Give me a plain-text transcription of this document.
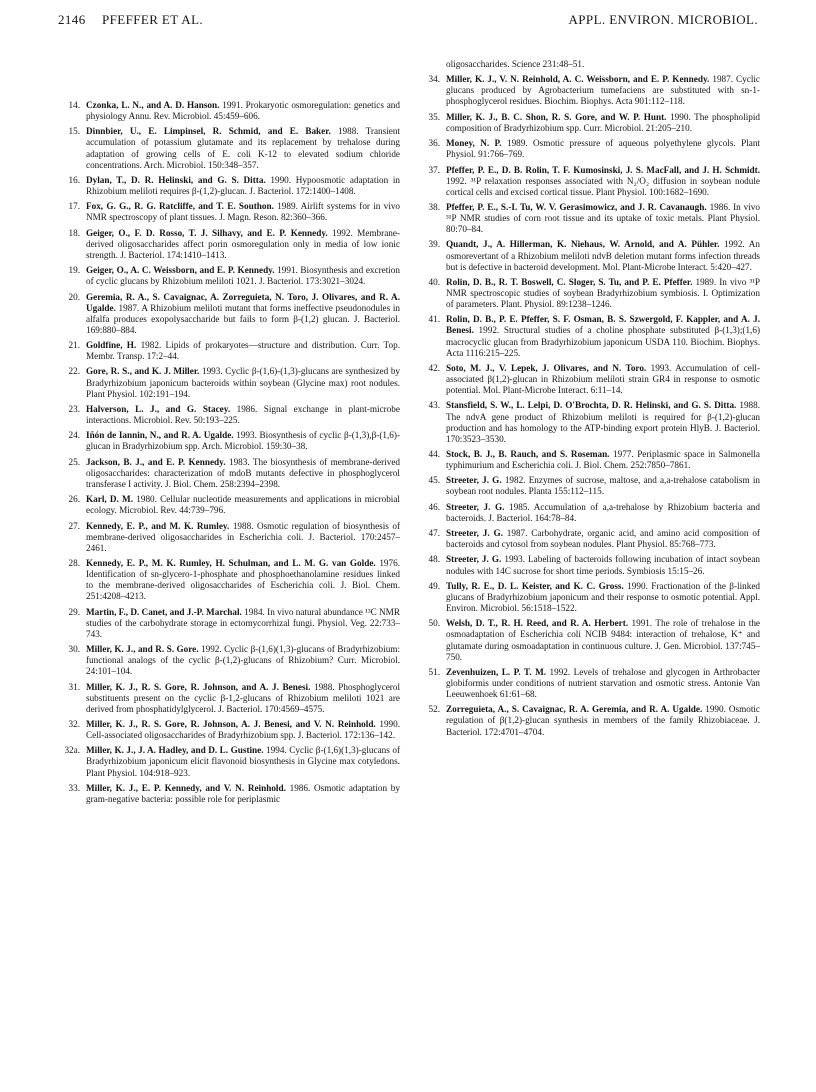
2146 PFEFFER ET AL.	APPL. ENVIRON. MICROBIOL.
14. Czonka, L. N., and A. D. Hanson. 1991. Prokaryotic osmoregulation: genetics and physiology Annu. Rev. Microbiol. 45:459–606.
15. Dinnbier, U., E. Limpinsel, R. Schmid, and E. Baker. 1988. Transient accumulation of potassium glutamate and its replacement by trehalose during adaptation of growing cells of E. coli K-12 to elevated sodium chloride concentrations. Arch. Microbiol. 150:348–357.
16. Dylan, T., D. R. Helinski, and G. S. Ditta. 1990. Hypoosmotic adaptation in Rhizobium meliloti requires β-(1,2)-glucan. J. Bacteriol. 172:1400–1408.
17. Fox, G. G., R. G. Ratcliffe, and T. E. Southon. 1989. Airlift systems for in vivo NMR spectroscopy of plant tissues. J. Magn. Reson. 82:360–366.
18. Geiger, O., F. D. Rosso, T. J. Silhavy, and E. P. Kennedy. 1992. Membrane-derived oligosaccharides affect porin osmoregulation only in media of low ionic strength. J. Bacteriol. 174:1410–1413.
19. Geiger, O., A. C. Weissborn, and E. P. Kennedy. 1991. Biosynthesis and excretion of cyclic glucans by Rhizobium meliloti 1021. J. Bacteriol. 173:3021–3024.
20. Geremia, R. A., S. Cavaignac, A. Zorreguieta, N. Toro, J. Olivares, and R. A. Ugalde. 1987. A Rhizobium meliloti mutant that forms ineffective pseudonodules in alfalfa produces exopolysaccharide but fails to form β-(1,2) glucan. J. Bacteriol. 169:880–884.
21. Goldfine, H. 1982. Lipids of prokaryotes—structure and distribution. Curr. Top. Membr. Transp. 17:2–44.
22. Gore, R. S., and K. J. Miller. 1993. Cyclic β-(1,6)-(1,3)-glucans are synthesized by Bradyrhizobium japonicum bacteroids within soybean (Glycine max) root nodules. Plant Physiol. 102:191–194.
23. Halverson, L. J., and G. Stacey. 1986. Signal exchange in plant-microbe interactions. Microbiol. Rev. 50:193–225.
24. Iñón de Iannin, N., and R. A. Ugalde. 1993. Biosynthesis of cyclic β-(1,3),β-(1,6)-glucan in Bradyrhizobium spp. Arch. Microbiol. 159:30–38.
25. Jackson, B. J., and E. P. Kennedy. 1983. The biosynthesis of membrane-derived oligosaccharides: characterization of mdoB mutants defective in phosphoglycerol transferase I activity. J. Biol. Chem. 258:2394–2398.
26. Karl, D. M. 1980. Cellular nucleotide measurements and applications in microbial ecology. Microbiol. Rev. 44:739–796.
27. Kennedy, E. P., and M. K. Rumley. 1988. Osmotic regulation of biosynthesis of membrane-derived oligosaccharides in Escherichia coli. J. Bacteriol. 170:2457–2461.
28. Kennedy, E. P., M. K. Rumley, H. Schulman, and L. M. G. van Golde. 1976. Identification of sn-glycero-1-phosphate and phosphoethanolamine residues linked to the membrane-derived oligosaccharides of Escherichia coli. J. Biol. Chem. 251:4208–4213.
29. Martin, F., D. Canet, and J.-P. Marchal. 1984. In vivo natural abundance ¹³C NMR studies of the carbohydrate storage in ectomycorrhizal fungi. Physiol. Veg. 22:733–743.
30. Miller, K. J., and R. S. Gore. 1992. Cyclic β-(1,6)(1,3)-glucans of Bradyrhizobium: functional analogs of the cyclic β-(1,2)-glucans of Rhizobium? Curr. Microbiol. 24:101–104.
31. Miller, K. J., R. S. Gore, R. Johnson, and A. J. Benesi. 1988. Phosphoglycerol substituents present on the cyclic β-1,2-glucans of Rhizobium meliloti 1021 are derived from phosphatidylglycerol. J. Bacteriol. 170:4569–4575.
32. Miller, K. J., R. S. Gore, R. Johnson, A. J. Benesi, and V. N. Reinhold. 1990. Cell-associated oligosaccharides of Bradyrhizobium spp. J. Bacteriol. 172:136–142.
32a. Miller, K. J., J. A. Hadley, and D. L. Gustine. 1994. Cyclic β-(1,6)(1,3)-glucans of Bradyrhizobium japonicum elicit flavonoid biosynthesis in Glycine max cotyledons. Plant Physiol. 104:918–923.
33. Miller, K. J., E. P. Kennedy, and V. N. Reinhold. 1986. Osmotic adaptation by gram-negative bacteria: possible role for periplasmic
oligosaccharides. Science 231:48–51.
34. Miller, K. J., V. N. Reinhold, A. C. Weissborn, and E. P. Kennedy. 1987. Cyclic glucans produced by Agrobacterium tumefaciens are substituted with sn-1-phosphoglycerol residues. Biochim. Biophys. Acta 901:112–118.
35. Miller, K. J., B. C. Shon, R. S. Gore, and W. P. Hunt. 1990. The phospholipid composition of Bradyrhizobium spp. Curr. Microbiol. 21:205–210.
36. Money, N. P. 1989. Osmotic pressure of aqueous polyethylene glycols. Plant Physiol. 91:766–769.
37. Pfeffer, P. E., D. B. Rolin, T. F. Kumosinski, J. S. MacFall, and J. H. Schmidt. 1992. ³¹P relaxation responses associated with N₂/O₂ diffusion in soybean nodule cortical cells and excised cortical tissue. Plant Physiol. 100:1682–1690.
38. Pfeffer, P. E., S.-I. Tu, W. V. Gerasimowicz, and J. R. Cavanaugh. 1986. In vivo ³¹P NMR studies of corn root tissue and its uptake of toxic metals. Plant Physiol. 80:70–84.
39. Quandt, J., A. Hillerman, K. Niehaus, W. Arnold, and A. Pühler. 1992. An osmorevertant of a Rhizobium meliloti ndvB deletion mutant forms infection threads but is defective in bacteroid development. Mol. Plant-Microbe Interact. 5:420–427.
40. Rolin, D. B., R. T. Boswell, C. Sloger, S. Tu, and P. E. Pfeffer. 1989. In vivo ³¹P NMR spectroscopic studies of soybean Bradyrhizobium symbiosis. I. Optimization of parameters. Plant. Physiol. 89:1238–1246.
41. Rolin, D. B., P. E. Pfeffer, S. F. Osman, B. S. Szwergold, F. Kappler, and A. J. Benesi. 1992. Structural studies of a choline phosphate substituted β-(1,3);(1,6) macrocyclic glucan from Bradyrhizobium japonicum USDA 110. Biochim. Biophys. Acta 1116:215–225.
42. Soto, M. J., V. Lepek, J. Olivares, and N. Toro. 1993. Accumulation of cell-associated β(1,2)-glucan in Rhizobium meliloti strain GR4 in response to osmotic potential. Mol. Plant-Microbe Interact. 6:11–14.
43. Stansfield, S. W., L. Lelpi, D. O'Brochta, D. R. Helinski, and G. S. Ditta. 1988. The ndvA gene product of Rhizobium meliloti is required for β-(1,2)-glucan production and has homology to the ATP-binding export protein HlyB. J. Bacteriol. 170:3523–3530.
44. Stock, B. J., B. Rauch, and S. Roseman. 1977. Periplasmic space in Salmonella typhimurium and Escherichia coli. J. Biol. Chem. 252:7850–7861.
45. Streeter, J. G. 1982. Enzymes of sucrose, maltose, and a,a-trehalose catabolism in soybean root nodules. Planta 155:112–115.
46. Streeter, J. G. 1985. Accumulation of a,a-trehalose by Rhizobium bacteria and bacteroids. J. Bacteriol. 164:78–84.
47. Streeter, J. G. 1987. Carbohydrate, organic acid, and amino acid composition of bacteroids and cytosol from soybean nodules. Plant Physiol. 85:768–773.
48. Streeter, J. G. 1993. Labeling of bacteroids following incubation of intact soybean nodules with 14C sucrose for short time periods. Symbiosis 15:15–26.
49. Tully, R. E., D. L. Keister, and K. C. Gross. 1990. Fractionation of the β-linked glucans of Bradyrhizobium japonicum and their response to osmotic potential. Appl. Environ. Microbiol. 56:1518–1522.
50. Welsh, D. T., R. H. Reed, and R. A. Herbert. 1991. The role of trehalose in the osmoadaptation of Escherichia coli NCIB 9484: interaction of trehalose, K⁺ and glutamate during osmoadaptation in continuous culture. J. Gen. Microbiol. 137:745–750.
51. Zevenhuizen, L. P. T. M. 1992. Levels of trehalose and glycogen in Arthrobacter globiformis under conditions of nutrient starvation and osmotic stress. Antonie Van Leeuwenhoek 61:61–68.
52. Zorreguieta, A., S. Cavaignac, R. A. Geremia, and R. A. Ugalde. 1990. Osmotic regulation of β(1,2)-glucan synthesis in members of the family Rhizobiaceae. J. Bacteriol. 172:4701–4704.
